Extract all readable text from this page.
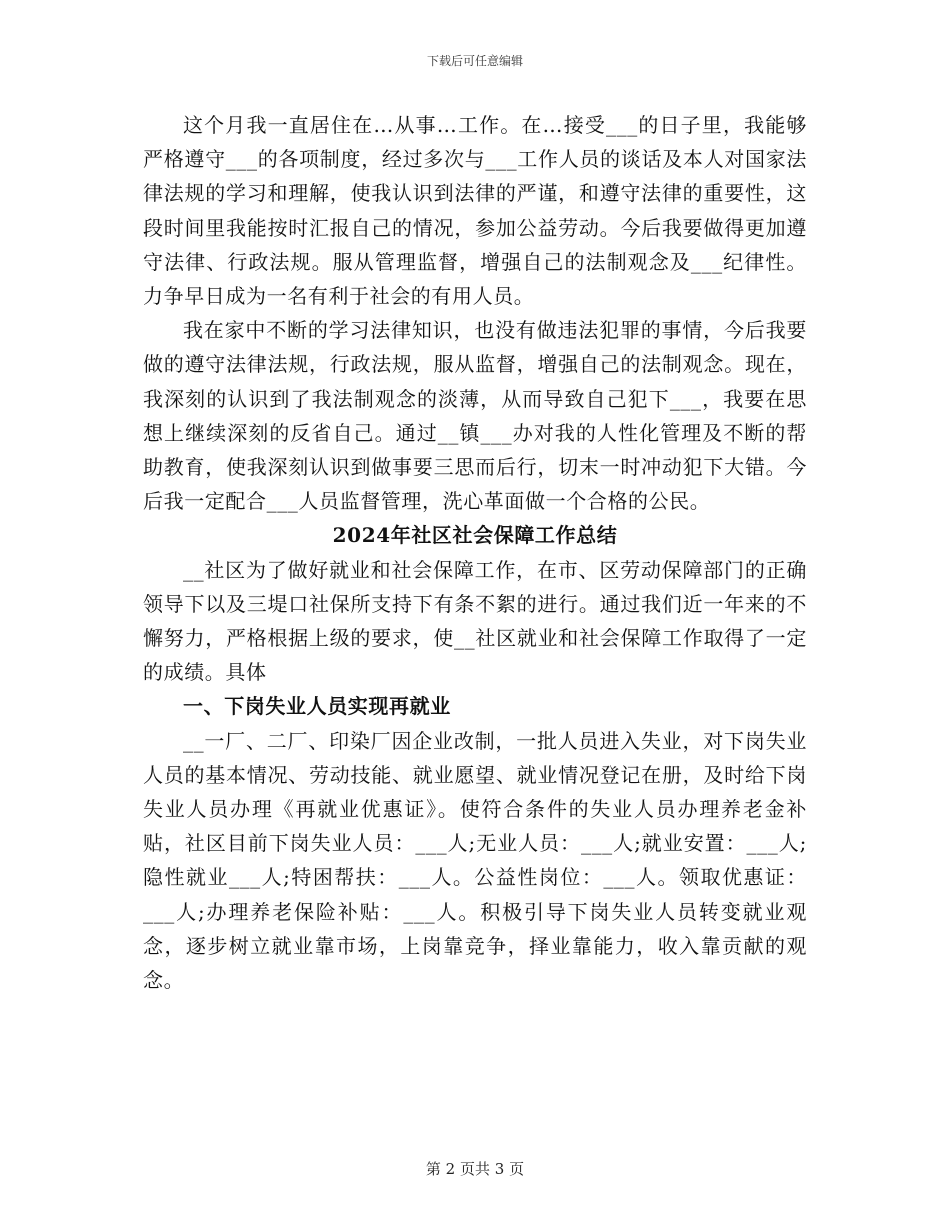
下载后可任意编辑

这个月我一直居住在…从事…工作。在…接受___的日子里，我能够严格遵守___的各项制度，经过多次与___工作人员的谈话及本人对国家法律法规的学习和理解，使我认识到法律的严谨，和遵守法律的重要性，这段时间里我能按时汇报自己的情况，参加公益劳动。今后我要做得更加遵守法律、行政法规。服从管理监督，增强自己的法制观念及___纪律性。力争早日成为一名有利于社会的有用人员。

我在家中不断的学习法律知识，也没有做违法犯罪的事情，今后我要做的遵守法律法规，行政法规，服从监督，增强自己的法制观念。现在，我深刻的认识到了我法制观念的淡薄，从而导致自己犯下___，我要在思想上继续深刻的反省自己。通过__镇___办对我的人性化管理及不断的帮助教育，使我深刻认识到做事要三思而后行，切末一时冲动犯下大错。今后我一定配合___人员监督管理，洗心革面做一个合格的公民。

2024年社区社会保障工作总结

__社区为了做好就业和社会保障工作，在市、区劳动保障部门的正确领导下以及三堤口社保所支持下有条不絮的进行。通过我们近一年来的不懈努力，严格根据上级的要求，使__社区就业和社会保障工作取得了一定的成绩。具体

一、下岗失业人员实现再就业

__一厂、二厂、印染厂因企业改制，一批人员进入失业，对下岗失业人员的基本情况、劳动技能、就业愿望、就业情况登记在册，及时给下岗失业人员办理《再就业优惠证》。使符合条件的失业人员办理养老金补贴，社区目前下岗失业人员：___人;无业人员：___人;就业安置：___人;隐性就业___人;特困帮扶：___人。公益性岗位：___人。领取优惠证：___人;办理养老保险补贴：___人。积极引导下岗失业人员转变就业观念，逐步树立就业靠市场，上岗靠竞争，择业靠能力，收入靠贡献的观念。

第 2 页共 3 页
